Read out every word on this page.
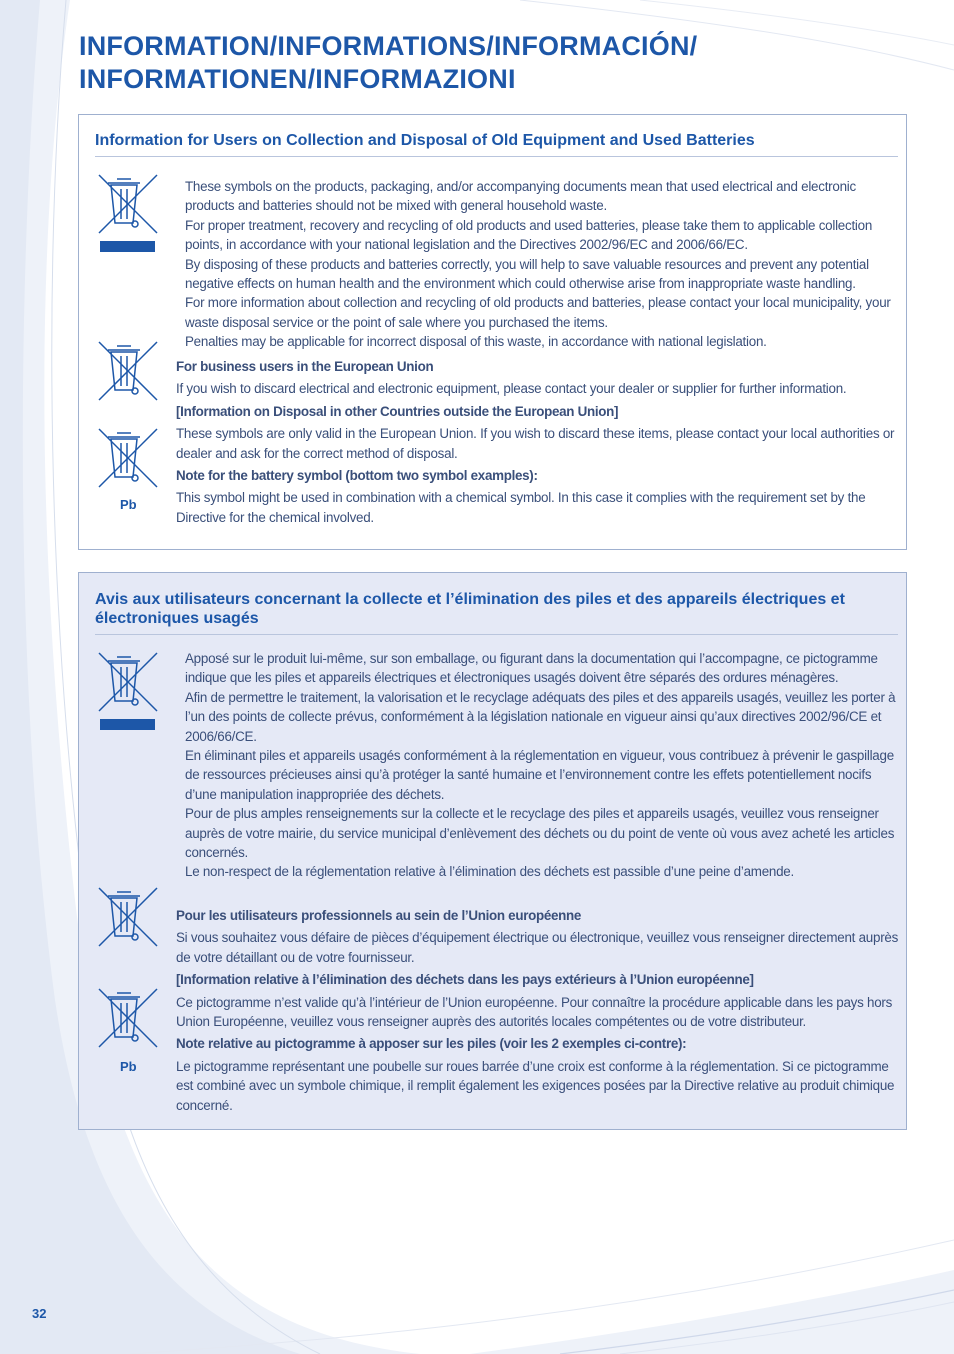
INFORMATION/INFORMATIONS/INFORMACIÓN/
INFORMATIONEN/INFORMAZIONI
Information for Users on Collection and Disposal of Old Equipment and Used Batteries

These symbols on the products, packaging, and/or accompanying documents mean that used electrical and electronic products and batteries should not be mixed with general household waste.

For proper treatment, recovery and recycling of old products and used batteries, please take them to applicable collection points, in accordance with your national legislation and the Directives 2002/96/EC and 2006/66/EC.

By disposing of these products and batteries correctly, you will help to save valuable resources and prevent any potential negative effects on human health and the environment which could otherwise arise from inappropriate waste handling.

For more information about collection and recycling of old products and batteries, please contact your local municipality, your waste disposal service or the point of sale where you purchased the items.

Penalties may be applicable for incorrect disposal of this waste, in accordance with national legislation.

For business users in the European Union

If you wish to discard electrical and electronic equipment, please contact your dealer or supplier for further information.

[Information on Disposal in other Countries outside the European Union]

These symbols are only valid in the European Union. If you wish to discard these items, please contact your local authorities or dealer and ask for the correct method of disposal.

Note for the battery symbol (bottom two symbol examples):

This symbol might be used in combination with a chemical symbol. In this case it complies with the requirement set by the Directive for the chemical involved.

Pb
Avis aux utilisateurs concernant la collecte et l’élimination des piles et des appareils électriques et électroniques usagés

Apposé sur le produit lui-même, sur son emballage, ou figurant dans la documentation qui l’accompagne, ce pictogramme indique que les piles et appareils électriques et électroniques usagés doivent être séparés des ordures ménagères.

Afin de permettre le traitement, la valorisation et le recyclage adéquats des piles et des appareils usagés, veuillez les porter à l’un des points de collecte prévus, conformément à la législation nationale en vigueur ainsi qu’aux directives 2002/96/CE et 2006/66/CE.

En éliminant piles et appareils usagés conformément à la réglementation en vigueur, vous contribuez à prévenir le gaspillage de ressources précieuses ainsi qu’à protéger la santé humaine et l’environnement contre les effets potentiellement nocifs d’une manipulation inappropriée des déchets.

Pour de plus amples renseignements sur la collecte et le recyclage des piles et appareils usagés, veuillez vous renseigner auprès de votre mairie, du service municipal d’enlèvement des déchets ou du point de vente où vous avez acheté les articles concernés.

Le non-respect de la réglementation relative à l’élimination des déchets est passible d’une peine d’amende.

Pour les utilisateurs professionnels au sein de l’Union européenne

Si vous souhaitez vous défaire de pièces d’équipement électrique ou électronique, veuillez vous renseigner directement auprès de votre détaillant ou de votre fournisseur.

[Information relative à l’élimination des déchets dans les pays extérieurs à l’Union européenne]

Ce pictogramme n’est valide qu’à l’intérieur de l’Union européenne. Pour connaître la procédure applicable dans les pays hors Union Européenne, veuillez vous renseigner auprès des autorités locales compétentes ou de votre distributeur.

Note relative au pictogramme à apposer sur les piles (voir les 2 exemples ci-contre):

Le pictogramme représentant une poubelle sur roues barrée d’une croix est conforme à la réglementation. Si ce pictogramme est combiné avec un symbole chimique, il remplit également les exigences posées par la Directive relative au produit chimique concerné.

Pb
32
